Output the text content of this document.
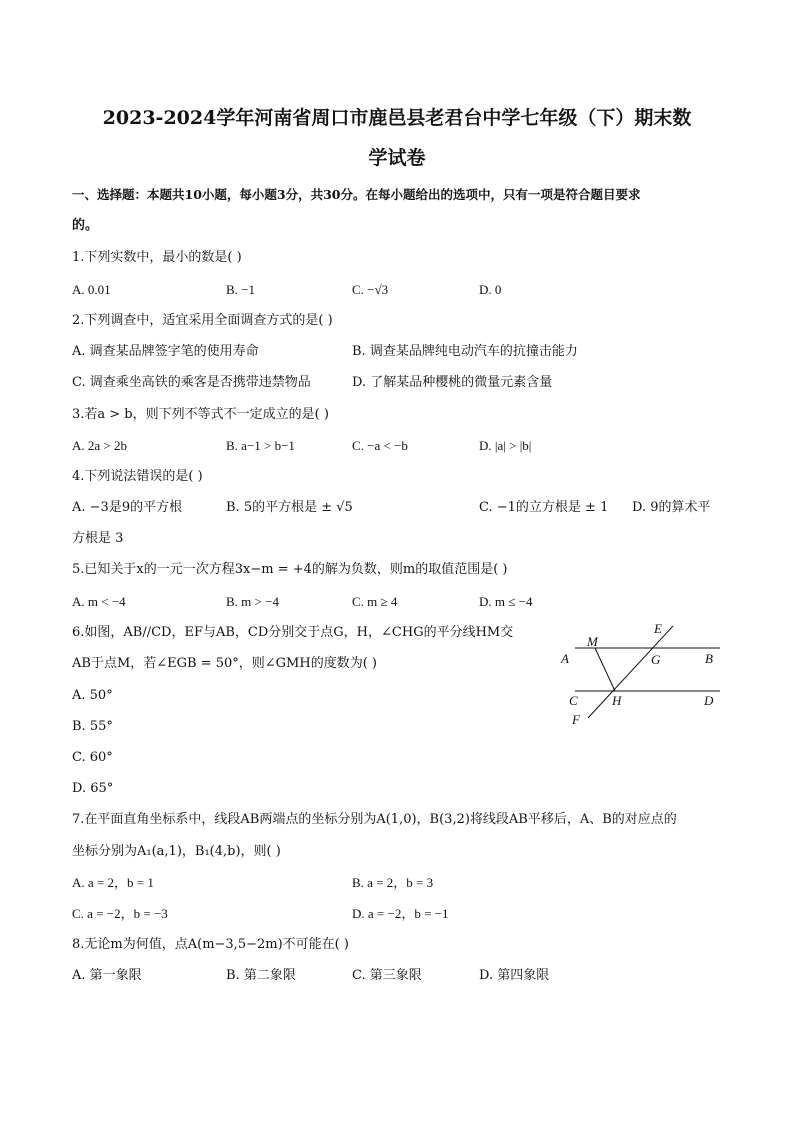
2023-2024学年河南省周口市鹿邑县老君台中学七年级（下）期末数
学试卷
一、选择题：本题共10小题，每小题3分，共30分。在每小题给出的选项中，只有一项是符合题目要求
的。
1.下列实数中，最小的数是( )
A. 0.01	B. −1	C. −√3	D. 0
2.下列调查中，适宜采用全面调查方式的是( )
A. 调查某品牌签字笔的使用寿命	B. 调查某品牌纯电动汽车的抗撞击能力
C. 调查乘坐高铁的乘客是否携带违禁物品	D. 了解某品种樱桃的微量元素含量
3.若a > b，则下列不等式不一定成立的是( )
A. 2a > 2b	B. a−1 > b−1	C. −a < −b	D. |a| > |b|
4.下列说法错误的是( )
A. −3是9的平方根	B. 5的平方根是 ± √5	C. −1的立方根是 ± 1 D. 9的算术平
方根是 3
5.已知关于x的一元一次方程3x−m = +4的解为负数，则m的取值范围是( )
A. m < −4	B. m > −4	C. m ≥ 4	D. m ≤ −4
6.如图，AB//CD，EF与AB，CD分别交于点G，H，∠CHG的平分线HM交
AB于点M，若∠EGB = 50°，则∠GMH的度数为( )
A. 50°
B. 55°
C. 60°
D. 65°
M
E
A	G	B
C	H	D
F
7.在平面直角坐标系中，线段AB两端点的坐标分别为A(1,0)，B(3,2)将线段AB平移后，A、B的对应点的
坐标分别为A₁(a,1)，B₁(4,b)，则( )
A. a = 2，b = 1	B. a = 2，b = 3
C. a = −2，b = −3	D. a = −2，b = −1
8.无论m为何值，点A(m−3,5−2m)不可能在( )
A. 第一象限	B. 第二象限	C. 第三象限	D. 第四象限
